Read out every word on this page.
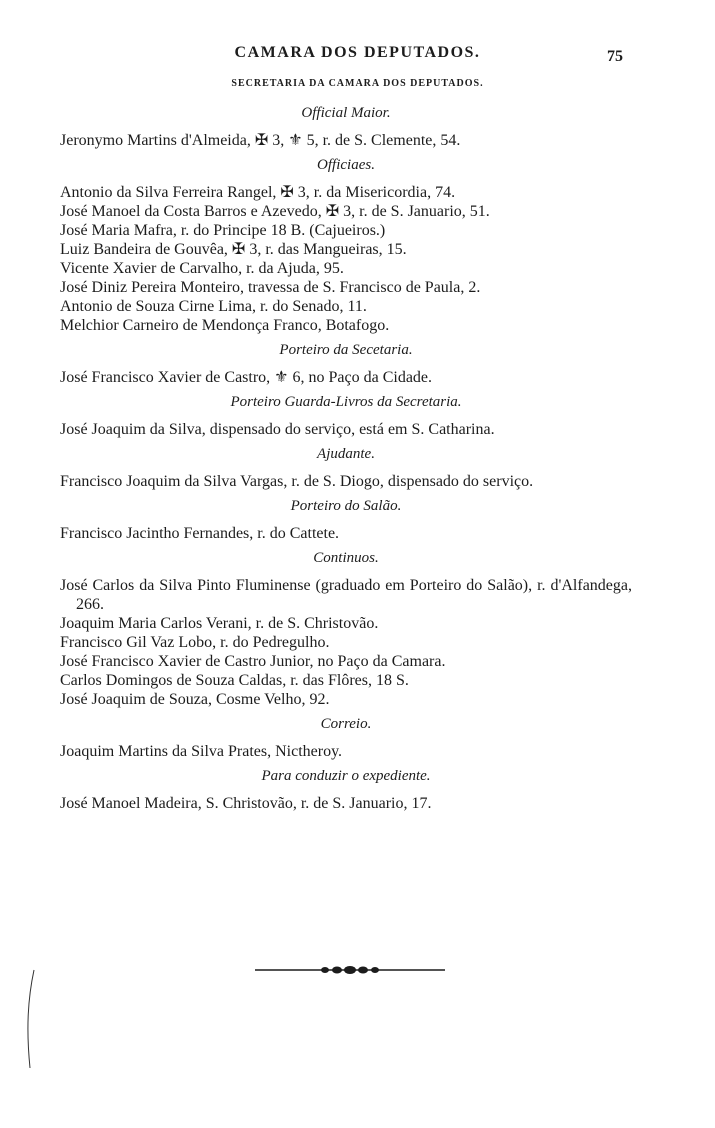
CAMARA DOS DEPUTADOS.	75
SECRETARIA DA CAMARA DOS DEPUTADOS.
Official Maior.
Jeronymo Martins d'Almeida, ✠ 3, ⚜ 5, r. de S. Clemente, 54.
Officiaes.
Antonio da Silva Ferreira Rangel, ✠ 3, r. da Misericordia, 74.
José Manoel da Costa Barros e Azevedo, ✠ 3, r. de S. Januario, 51.
José Maria Mafra, r. do Principe 18 B. (Cajueiros.)
Luiz Bandeira de Gouvêa, ✠ 3, r. das Mangueiras, 15.
Vicente Xavier de Carvalho, r. da Ajuda, 95.
José Diniz Pereira Monteiro, travessa de S. Francisco de Paula, 2.
Antonio de Souza Cirne Lima, r. do Senado, 11.
Melchior Carneiro de Mendonça Franco, Botafogo.
Porteiro da Secetaria.
José Francisco Xavier de Castro, ⚜ 6, no Paço da Cidade.
Porteiro Guarda-Livros da Secretaria.
José Joaquim da Silva, dispensado do serviço, está em S. Catharina.
Ajudante.
Francisco Joaquim da Silva Vargas, r. de S. Diogo, dispensado do serviço.
Porteiro do Salão.
Francisco Jacintho Fernandes, r. do Cattete.
Continuos.
José Carlos da Silva Pinto Fluminense (graduado em Porteiro do Salão), r. d'Alfandega, 266.
Joaquim Maria Carlos Verani, r. de S. Christovão.
Francisco Gil Vaz Lobo, r. do Pedregulho.
José Francisco Xavier de Castro Junior, no Paço da Camara.
Carlos Domingos de Souza Caldas, r. das Flôres, 18 S.
José Joaquim de Souza, Cosme Velho, 92.
Correio.
Joaquim Martins da Silva Prates, Nictheroy.
Para conduzir o expediente.
José Manoel Madeira, S. Christovão, r. de S. Januario, 17.
